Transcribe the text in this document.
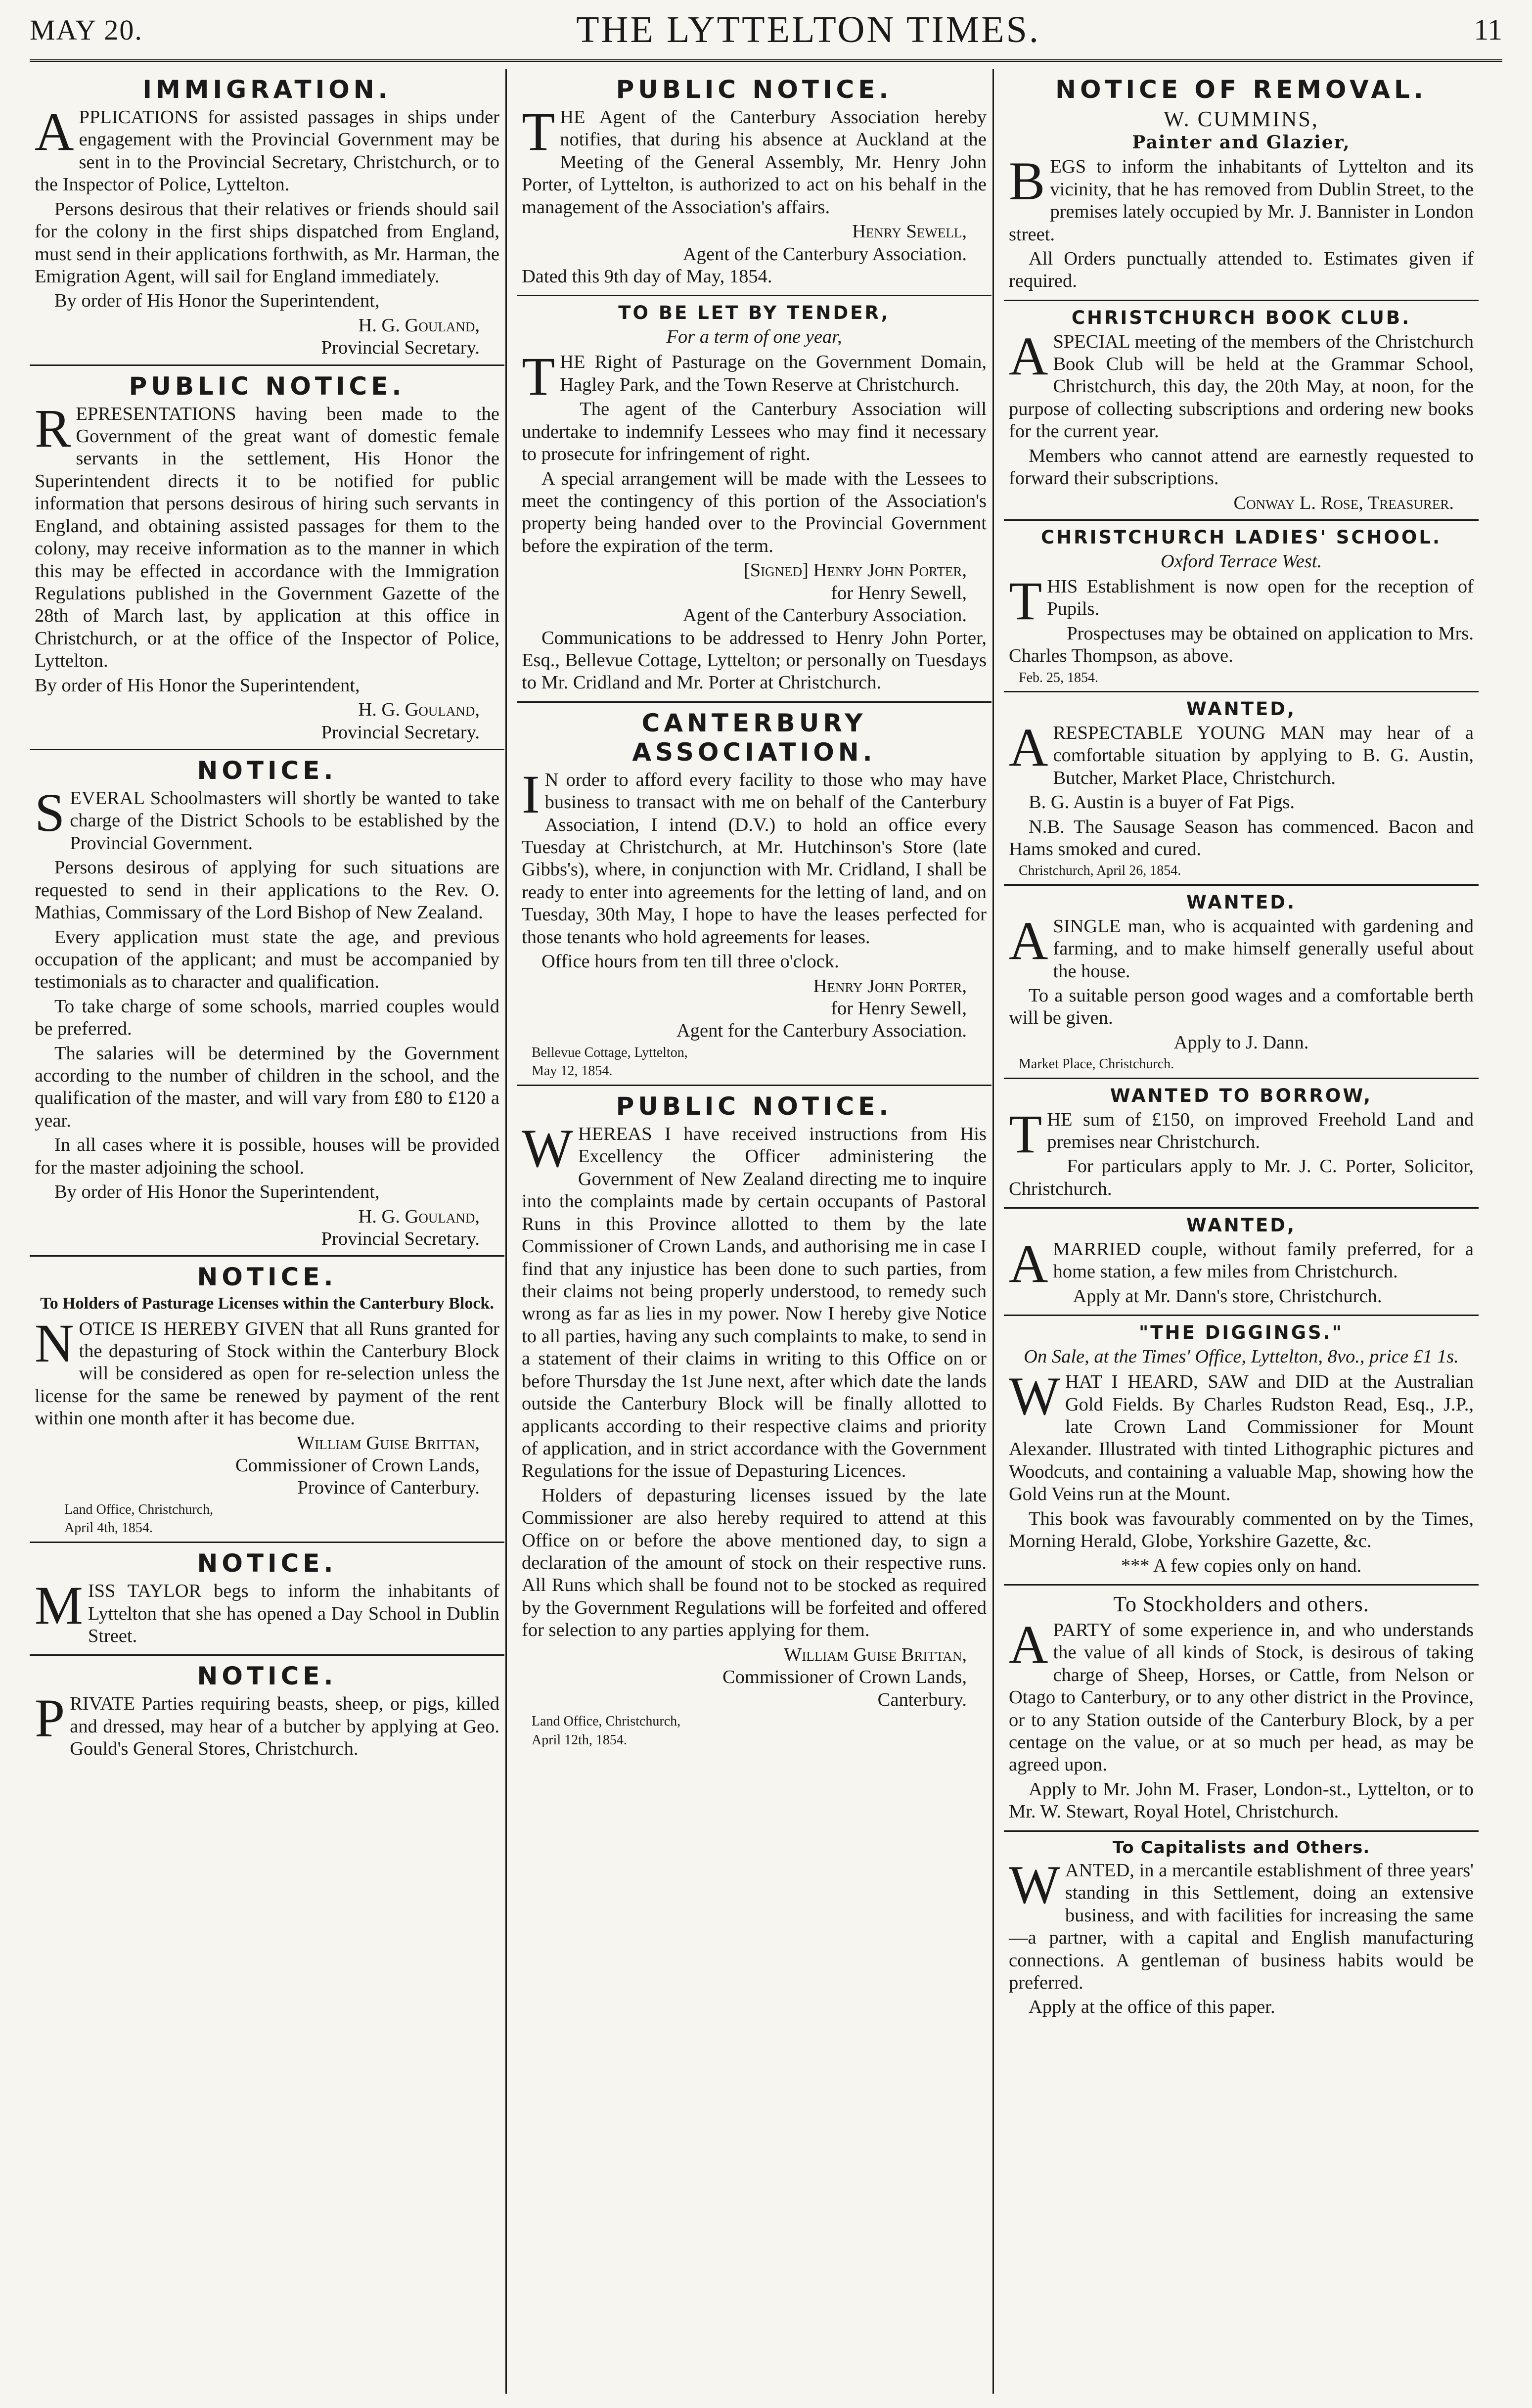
MAY 20.	THE LYTTELTON TIMES.	11
IMMIGRATION.

APPLICATIONS for assisted passages in ships under engagement with the Provincial Government may be sent in to the Provincial Secretary, Christchurch, or to the Inspector of Police, Lyttelton.

Persons desirous that their relatives or friends should sail for the colony in the first ships dispatched from England, must send in their applications forthwith, as Mr. Harman, the Emigration Agent, will sail for England immediately.

By order of His Honor the Superintendent,

H. G. Gouland,

Provincial Secretary.

PUBLIC NOTICE.

REPRESENTATIONS having been made to the Government of the great want of domestic female servants in the settlement, His Honor the Superintendent directs it to be notified for public information that persons desirous of hiring such servants in England, and obtaining assisted passages for them to the colony, may receive information as to the manner in which this may be effected in accordance with the Immigration Regulations published in the Government Gazette of the 28th of March last, by application at this office in Christchurch, or at the office of the Inspector of Police, Lyttelton.

By order of His Honor the Superintendent,

H. G. Gouland,

Provincial Secretary.

NOTICE.

SEVERAL Schoolmasters will shortly be wanted to take charge of the District Schools to be established by the Provincial Government.

Persons desirous of applying for such situations are requested to send in their applications to the Rev. O. Mathias, Commissary of the Lord Bishop of New Zealand.

Every application must state the age, and previous occupation of the applicant; and must be accompanied by testimonials as to character and qualification.

To take charge of some schools, married couples would be preferred.

The salaries will be determined by the Government according to the number of children in the school, and the qualification of the master, and will vary from £80 to £120 a year.

In all cases where it is possible, houses will be provided for the master adjoining the school.

By order of His Honor the Superintendent,

H. G. Gouland,

Provincial Secretary.

NOTICE.
To Holders of Pasturage Licenses within the Canterbury Block.

NOTICE IS HEREBY GIVEN that all Runs granted for the depasturing of Stock within the Canterbury Block will be considered as open for re-selection unless the license for the same be renewed by payment of the rent within one month after it has become due.

William Guise Brittan,

Commissioner of Crown Lands,

Province of Canterbury.

Land Office, Christchurch,

April 4th, 1854.

NOTICE.

MISS TAYLOR begs to inform the inhabitants of Lyttelton that she has opened a Day School in Dublin Street.

NOTICE.

PRIVATE Parties requiring beasts, sheep, or pigs, killed and dressed, may hear of a butcher by applying at Geo. Gould's General Stores, Christchurch.

PUBLIC NOTICE.

THE Agent of the Canterbury Association hereby notifies, that during his absence at Auckland at the Meeting of the General Assembly, Mr. Henry John Porter, of Lyttelton, is authorized to act on his behalf in the management of the Association's affairs.

Henry Sewell,

Agent of the Canterbury Association.

Dated this 9th day of May, 1854.

TO BE LET BY TENDER,
For a term of one year,

THE Right of Pasturage on the Government Domain, Hagley Park, and the Town Reserve at Christchurch.

The agent of the Canterbury Association will undertake to indemnify Lessees who may find it necessary to prosecute for infringement of right.

A special arrangement will be made with the Lessees to meet the contingency of this portion of the Association's property being handed over to the Provincial Government before the expiration of the term.

[Signed] Henry John Porter,

for Henry Sewell,

Agent of the Canterbury Association.

Communications to be addressed to Henry John Porter, Esq., Bellevue Cottage, Lyttelton; or personally on Tuesdays to Mr. Cridland and Mr. Porter at Christchurch.

CANTERBURY ASSOCIATION.

IN order to afford every facility to those who may have business to transact with me on behalf of the Canterbury Association, I intend (D.V.) to hold an office every Tuesday at Christchurch, at Mr. Hutchinson's Store (late Gibbs's), where, in conjunction with Mr. Cridland, I shall be ready to enter into agreements for the letting of land, and on Tuesday, 30th May, I hope to have the leases perfected for those tenants who hold agreements for leases.

Office hours from ten till three o'clock.

Henry John Porter,

for Henry Sewell,

Agent for the Canterbury Association.

Bellevue Cottage, Lyttelton,

May 12, 1854.

PUBLIC NOTICE.

WHEREAS I have received instructions from His Excellency the Officer administering the Government of New Zealand directing me to inquire into the complaints made by certain occupants of Pastoral Runs in this Province allotted to them by the late Commissioner of Crown Lands, and authorising me in case I find that any injustice has been done to such parties, from their claims not being properly understood, to remedy such wrong as far as lies in my power. Now I hereby give Notice to all parties, having any such complaints to make, to send in a statement of their claims in writing to this Office on or before Thursday the 1st June next, after which date the lands outside the Canterbury Block will be finally allotted to applicants according to their respective claims and priority of application, and in strict accordance with the Government Regulations for the issue of Depasturing Licences.

Holders of depasturing licenses issued by the late Commissioner are also hereby required to attend at this Office on or before the above mentioned day, to sign a declaration of the amount of stock on their respective runs. All Runs which shall be found not to be stocked as required by the Government Regulations will be forfeited and offered for selection to any parties applying for them.

William Guise Brittan,

Commissioner of Crown Lands,

Canterbury.

Land Office, Christchurch,

April 12th, 1854.

NOTICE OF REMOVAL.

W. CUMMINS,

Painter and Glazier,

BEGS to inform the inhabitants of Lyttelton and its vicinity, that he has removed from Dublin Street, to the premises lately occupied by Mr. J. Bannister in London street.

All Orders punctually attended to. Estimates given if required.

CHRISTCHURCH BOOK CLUB.

ASPECIAL meeting of the members of the Christchurch Book Club will be held at the Grammar School, Christchurch, this day, the 20th May, at noon, for the purpose of collecting subscriptions and ordering new books for the current year.

Members who cannot attend are earnestly requested to forward their subscriptions.

Conway L. Rose, Treasurer.

CHRISTCHURCH LADIES' SCHOOL.
Oxford Terrace West.

THIS Establishment is now open for the reception of Pupils.

Prospectuses may be obtained on application to Mrs. Charles Thompson, as above.

Feb. 25, 1854.

WANTED,

ARESPECTABLE YOUNG MAN may hear of a comfortable situation by applying to B. G. Austin, Butcher, Market Place, Christchurch.

B. G. Austin is a buyer of Fat Pigs.

N.B. The Sausage Season has commenced. Bacon and Hams smoked and cured.

Christchurch, April 26, 1854.

WANTED.

ASINGLE man, who is acquainted with gardening and farming, and to make himself generally useful about the house.

To a suitable person good wages and a comfortable berth will be given.

Apply to J. Dann.

Market Place, Christchurch.

WANTED TO BORROW,

THE sum of £150, on improved Freehold Land and premises near Christchurch.

For particulars apply to Mr. J. C. Porter, Solicitor, Christchurch.

WANTED,

AMARRIED couple, without family preferred, for a home station, a few miles from Christchurch.

Apply at Mr. Dann's store, Christchurch.

"THE DIGGINGS."
On Sale, at the Times' Office, Lyttelton, 8vo., price £1 1s.

WHAT I HEARD, SAW and DID at the Australian Gold Fields. By Charles Rudston Read, Esq., J.P., late Crown Land Commissioner for Mount Alexander. Illustrated with tinted Lithographic pictures and Woodcuts, and containing a valuable Map, showing how the Gold Veins run at the Mount.

This book was favourably commented on by the Times, Morning Herald, Globe, Yorkshire Gazette, &c.

*** A few copies only on hand.

To Stockholders and others.

APARTY of some experience in, and who understands the value of all kinds of Stock, is desirous of taking charge of Sheep, Horses, or Cattle, from Nelson or Otago to Canterbury, or to any other district in the Province, or to any Station outside of the Canterbury Block, by a per centage on the value, or at so much per head, as may be agreed upon.

Apply to Mr. John M. Fraser, London-st., Lyttelton, or to Mr. W. Stewart, Royal Hotel, Christchurch.

To Capitalists and Others.

WANTED, in a mercantile establishment of three years' standing in this Settlement, doing an extensive business, and with facilities for increasing the same—a partner, with a capital and English manufacturing connections. A gentleman of business habits would be preferred.

Apply at the office of this paper.
